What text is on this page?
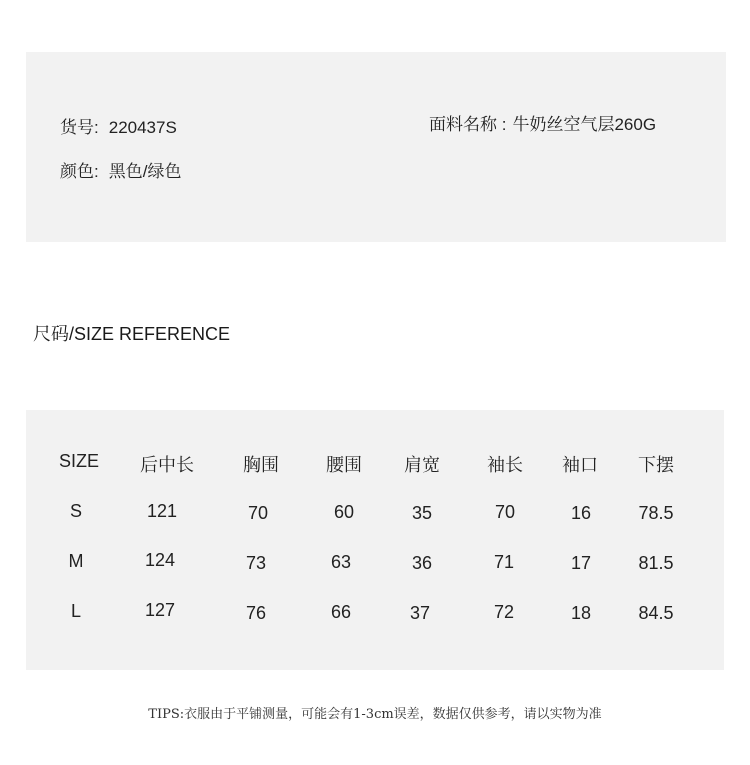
货号: 220437S
颜色: 黑色/绿色
面料名称 : 牛奶丝空气层260G
尺码/SIZE REFERENCE
SIZE 后中长	胸围	腰围 肩宽	袖长 袖口 下摆
S	121	70	60	35	70	16	78.5
M	124	73	63	36	71	17	81.5
L	127	76	66	37	72	18	84.5
TIPS:衣服由于平铺测量，可能会有1-3cm误差，数据仅供参考，请以实物为准
